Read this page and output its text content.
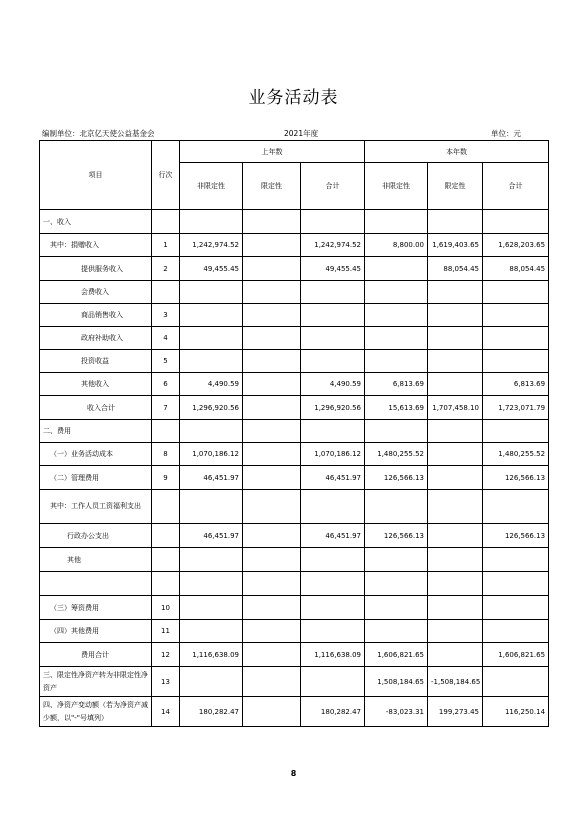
业务活动表
编制单位：北京亿天使公益基金会	2021年度	单位：元
项目	行次	上年数			本年数		
		非限定性	限定性	合计	非限定性	限定性	合计
一、收入							
其中：捐赠收入	1	1,242,974.52		1,242,974.52	8,800.00	1,619,403.65	1,628,203.65
提供服务收入	2	49,455.45		49,455.45		88,054.45	88,054.45
会费收入							
商品销售收入	3						
政府补助收入	4						
投资收益	5						
其他收入	6	4,490.59		4,490.59	6,813.69		6,813.69
收入合计	7	1,296,920.56		1,296,920.56	15,613.69	1,707,458.10	1,723,071.79
二、费用							
（一）业务活动成本	8	1,070,186.12		1,070,186.12	1,480,255.52		1,480,255.52
（二）管理费用	9	46,451.97		46,451.97	126,566.13		126,566.13
其中：工作人员工资福利支出							
行政办公支出		46,451.97		46,451.97	126,566.13		126,566.13
其他							

（三）筹资费用	10						
（四）其他费用	11						
费用合计	12	1,116,638.09		1,116,638.09	1,606,821.65		1,606,821.65
三、限定性净资产转为非限定性净资产	13				1,508,184.65	-1,508,184.65	
四、净资产变动额（若为净资产减少额，以"-"号填列）	14	180,282.47		180,282.47	-83,023.31	199,273.45	116,250.14
8
